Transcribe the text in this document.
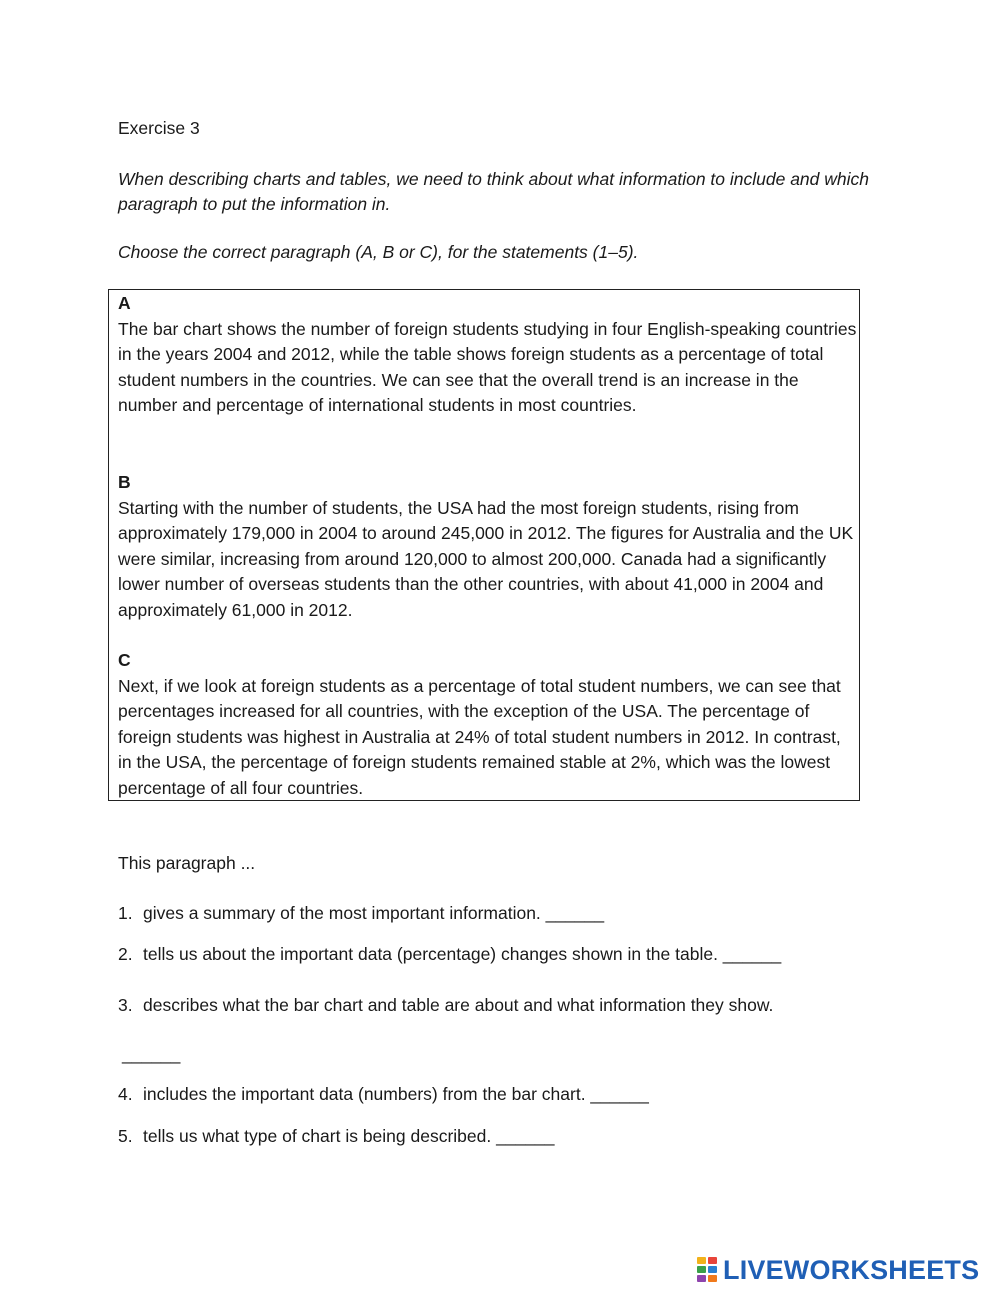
Exercise 3

When describing charts and tables, we need to think about what information to include and which paragraph to put the information in.

Choose the correct paragraph (A, B or C), for the statements (1–5).

A
The bar chart shows the number of foreign students studying in four English-speaking countries in the years 2004 and 2012, while the table shows foreign students as a percentage of total student numbers in the countries. We can see that the overall trend is an increase in the number and percentage of international students in most countries.
B
Starting with the number of students, the USA had the most foreign students, rising from approximately 179,000 in 2004 to around 245,000 in 2012. The figures for Australia and the UK were similar, increasing from around 120,000 to almost 200,000. Canada had a significantly lower number of overseas students than the other countries, with about 41,000 in 2004 and approximately 61,000 in 2012.
C
Next, if we look at foreign students as a percentage of total student numbers, we can see that percentages increased for all countries, with the exception of the USA. The percentage of foreign students was highest in Australia at 24% of total student numbers in 2012. In contrast, in the USA, the percentage of foreign students remained stable at 2%, which was the lowest percentage of all four countries.

This paragraph ...

1. gives a summary of the most important information. ______

2. tells us about the important data (percentage) changes shown in the table. ______

3. describes what the bar chart and table are about and what information they show.

______

4. includes the important data (numbers) from the bar chart. ______

5. tells us what type of chart is being described. ______

LIVEWORKSHEETS
